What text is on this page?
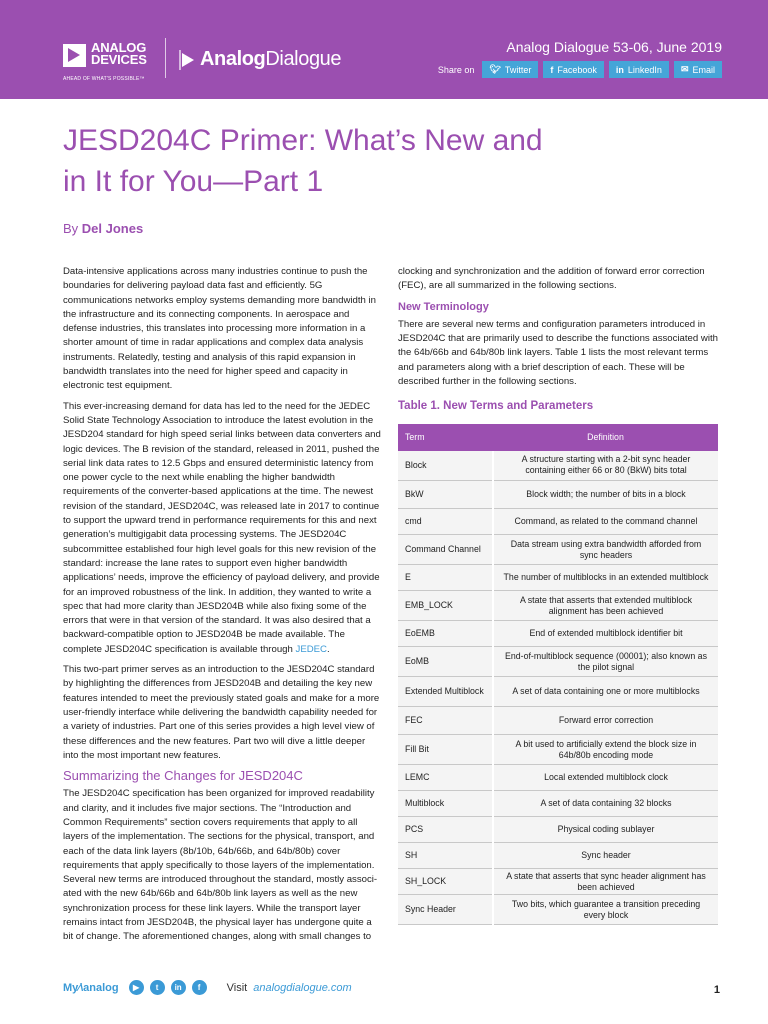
ANALOG
DEVICES
AHEAD OF WHAT'S POSSIBLE™
AnalogDialogue
Analog Dialogue 53-06, June 2019
Share on 🐦︎ Twitter f Facebook in LinkedIn ✉ Email
JESD204C Primer: What’s New and
in It for You—Part 1
By Del Jones

Data-intensive applications across many industries continue to push the boundaries for delivering payload data fast and efficiently. 5G communications networks employ systems demanding more bandwidth in the infrastructure and its connecting components. In aerospace and defense industries, this translates into processing more information in a shorter amount of time in radar applications and complex data analysis instruments. Relatedly, testing and analysis of this rapid expansion in bandwidth translates into the need for higher speed and capacity in electronic test equipment.

This ever-increasing demand for data has led to the need for the JEDEC Solid State Technology Association to introduce the latest evolution in the JESD204 standard for high speed serial links between data converters and logic devices. The B revision of the standard, released in 2011, pushed the serial link data rates to 12.5 Gbps and ensured deterministic latency from one power cycle to the next while enabling the higher bandwidth requirements of the converter-based applications at the time. The newest revision of the standard, JESD204C, was released late in 2017 to continue to support the upward trend in performance requirements for this and next generation’s multigigabit data processing systems. The JESD204C subcommittee established four high level goals for this new revision of the standard: increase the lane rates to support even higher bandwidth applications’ needs, improve the efficiency of payload delivery, and provide for an improved robustness of the link. In addition, they wanted to write a spec that had more clarity than JESD204B while also fixing some of the errors that were in that version of the standard. It was also desired that a backward-compatible option to JESD204B be made available. The complete JESD204C specification is available through JEDEC.

This two-part primer serves as an introduction to the JESD204C standard by highlighting the differences from JESD204B and detailing the key new features intended to meet the previously stated goals and make for a more user-friendly interface while delivering the bandwidth capability needed for a variety of industries. Part one of this series provides a high level view of these differences and the new features. Part two will dive a little deeper into the most important new features.

Summarizing the Changes for JESD204C

The JESD204C specification has been organized for improved readability and clarity, and it includes five major sections. The “Introduction and Common Requirements” section covers requirements that apply to all layers of the implementation. The sections for the physical, transport, and each of the data link layers (8b/10b, 64b/66b, and 64b/80b) cover requirements that apply specifically to those layers of the implementation. Several new terms are introduced throughout the standard, mostly associated with the new 64b/66b and 64b/80b link layers as well as the new synchronization process for these link layers. While the transport layer remains intact from JESD204B, the physical layer has undergone quite a bit of change. The aforementioned changes, along with small changes to

clocking and synchronization and the addition of forward error correction (FEC), are all summarized in the following sections.

New Terminology

There are several new terms and configuration parameters introduced in JESD204C that are primarily used to describe the functions associated with the 64b/66b and 64b/80b link layers. Table 1 lists the most relevant terms and parameters along with a brief description of each. These will be described further in the following sections.

Table 1. New Terms and Parameters
Term	Definition
Block	A structure starting with a 2-bit sync header containing either 66 or 80 (BkW) bits total
BkW	Block width; the number of bits in a block
cmd	Command, as related to the command channel
Command Channel	Data stream using extra bandwidth afforded from sync headers
E	The number of multiblocks in an extended multiblock
EMB_LOCK	A state that asserts that extended multiblock alignment has been achieved
EoEMB	End of extended multiblock identifier bit
EoMB	End-of-multiblock sequence (00001); also known as the pilot signal
Extended Multiblock	A set of data containing one or more multiblocks
FEC	Forward error correction
Fill Bit	A bit used to artificially extend the block size in 64b/80b encoding mode
LEMC	Local extended multiblock clock
Multiblock	A set of data containing 32 blocks
PCS	Physical coding sublayer
SH	Sync header
SH_LOCK	A state that asserts that sync header alignment has been achieved
Sync Header	Two bits, which guarantee a transition preceding every block
My∕\analog	▶	t	in	f	Visit analogdialogue.com	1
